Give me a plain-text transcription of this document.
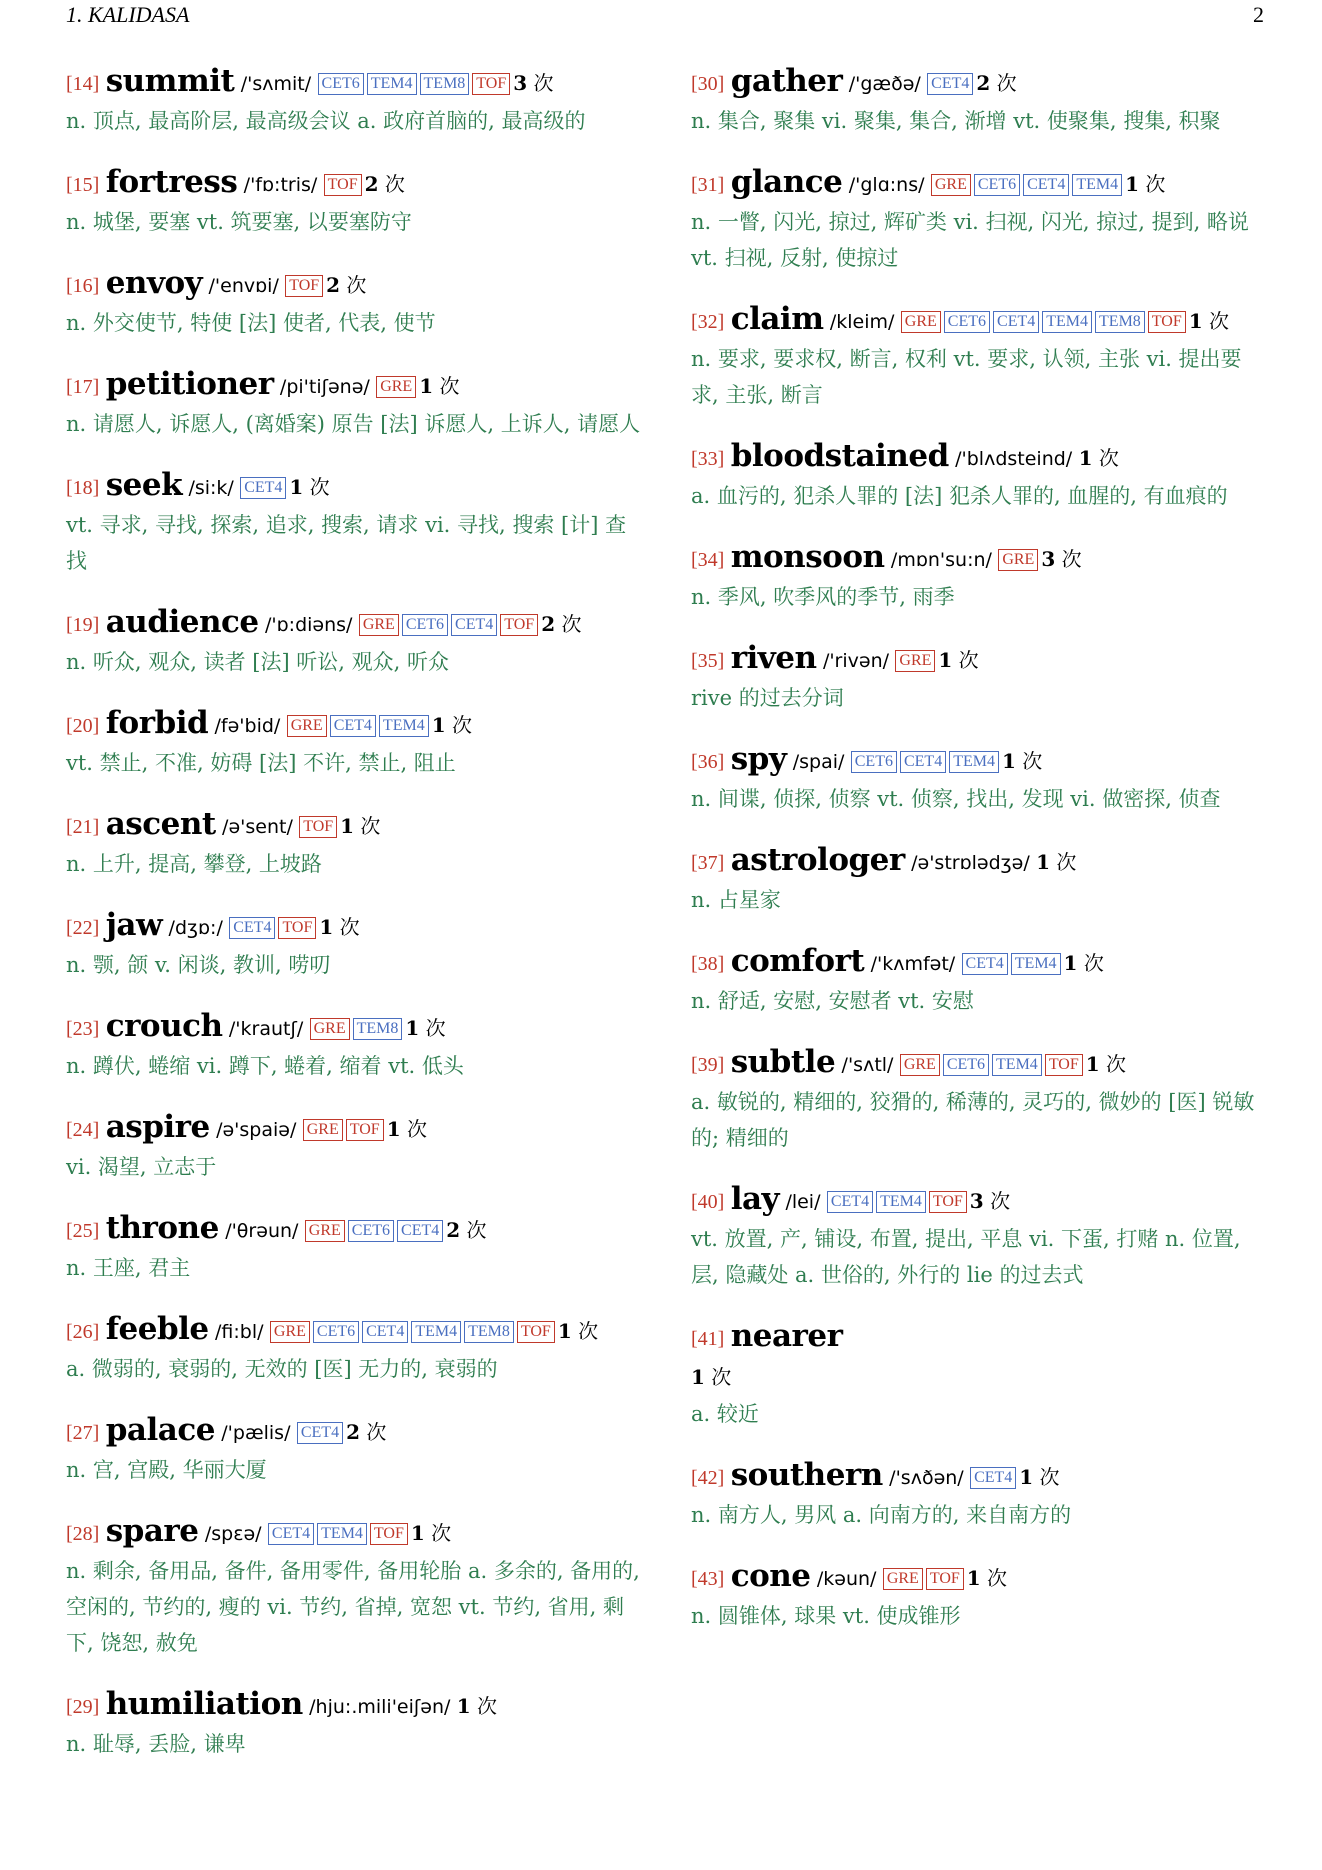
1. KALIDASA	2
[14] summit /'sʌmit/ CET6 TEM4 TEM8 TOF 3 次
n. 顶点, 最高阶层, 最高级会议 a. 政府首脑的, 最高级的
[15] fortress /'fɒ:tris/ TOF 2 次
n. 城堡, 要塞 vt. 筑要塞, 以要塞防守
[16] envoy /'envɒi/ TOF 2 次
n. 外交使节, 特使 [法] 使者, 代表, 使节
[17] petitioner /pi'tiʃənə/ GRE 1 次
n. 请愿人, 诉愿人, (离婚案) 原告 [法] 诉愿人, 上诉人, 请愿人
[18] seek /si:k/ CET4 1 次
vt. 寻求, 寻找, 探索, 追求, 搜索, 请求 vi. 寻找, 搜索 [计] 查找
[19] audience /'ɒ:diəns/ GRE CET6 CET4 TOF 2 次
n. 听众, 观众, 读者 [法] 听讼, 观众, 听众
[20] forbid /fə'bid/ GRE CET4 TEM4 1 次
vt. 禁止, 不准, 妨碍 [法] 不许, 禁止, 阻止
[21] ascent /ə'sent/ TOF 1 次
n. 上升, 提高, 攀登, 上坡路
[22] jaw /dʒɒ:/ CET4 TOF 1 次
n. 颚, 颌 v. 闲谈, 教训, 唠叨
[23] crouch /'krautʃ/ GRE TEM8 1 次
n. 蹲伏, 蜷缩 vi. 蹲下, 蜷着, 缩着 vt. 低头
[24] aspire /ə'spaiə/ GRE TOF 1 次
vi. 渴望, 立志于
[25] throne /'θrəun/ GRE CET6 CET4 2 次
n. 王座, 君主
[26] feeble /fi:bl/ GRE CET6 CET4 TEM4 TEM8 TOF 1 次
a. 微弱的, 衰弱的, 无效的 [医] 无力的, 衰弱的
[27] palace /'pælis/ CET4 2 次
n. 宫, 宫殿, 华丽大厦
[28] spare /spɛə/ CET4 TEM4 TOF 1 次
n. 剩余, 备用品, 备件, 备用零件, 备用轮胎 a. 多余的, 备用的, 空闲的, 节约的, 瘦的 vi. 节约, 省掉, 宽恕 vt. 节约, 省用, 剩下, 饶恕, 赦免
[29] humiliation /hju:.mili'eiʃən/ 1 次
n. 耻辱, 丢脸, 谦卑
[30] gather /'gæðə/ CET4 2 次
n. 集合, 聚集 vi. 聚集, 集合, 渐增 vt. 使聚集, 搜集, 积聚
[31] glance /'glɑ:ns/ GRE CET6 CET4 TEM4 1 次
n. 一瞥, 闪光, 掠过, 辉矿类 vi. 扫视, 闪光, 掠过, 提到, 略说 vt. 扫视, 反射, 使掠过
[32] claim /kleim/ GRE CET6 CET4 TEM4 TEM8 TOF 1 次
n. 要求, 要求权, 断言, 权利 vt. 要求, 认领, 主张 vi. 提出要求, 主张, 断言
[33] bloodstained /'blʌdsteind/ 1 次
a. 血污的, 犯杀人罪的 [法] 犯杀人罪的, 血腥的, 有血痕的
[34] monsoon /mɒn'su:n/ GRE 3 次
n. 季风, 吹季风的季节, 雨季
[35] riven /'rivən/ GRE 1 次
rive 的过去分词
[36] spy /spai/ CET6 CET4 TEM4 1 次
n. 间谍, 侦探, 侦察 vt. 侦察, 找出, 发现 vi. 做密探, 侦查
[37] astrologer /ə'strɒlədʒə/ 1 次
n. 占星家
[38] comfort /'kʌmfət/ CET4 TEM4 1 次
n. 舒适, 安慰, 安慰者 vt. 安慰
[39] subtle /'sʌtl/ GRE CET6 TEM4 TOF 1 次
a. 敏锐的, 精细的, 狡猾的, 稀薄的, 灵巧的, 微妙的 [医] 锐敏的; 精细的
[40] lay /lei/ CET4 TEM4 TOF 3 次
vt. 放置, 产, 铺设, 布置, 提出, 平息 vi. 下蛋, 打赌 n. 位置, 层, 隐藏处 a. 世俗的, 外行的 lie 的过去式
[41] nearer
1 次
a. 较近
[42] southern /'sʌðən/ CET4 1 次
n. 南方人, 男风 a. 向南方的, 来自南方的
[43] cone /kəun/ GRE TOF 1 次
n. 圆锥体, 球果 vt. 使成锥形
